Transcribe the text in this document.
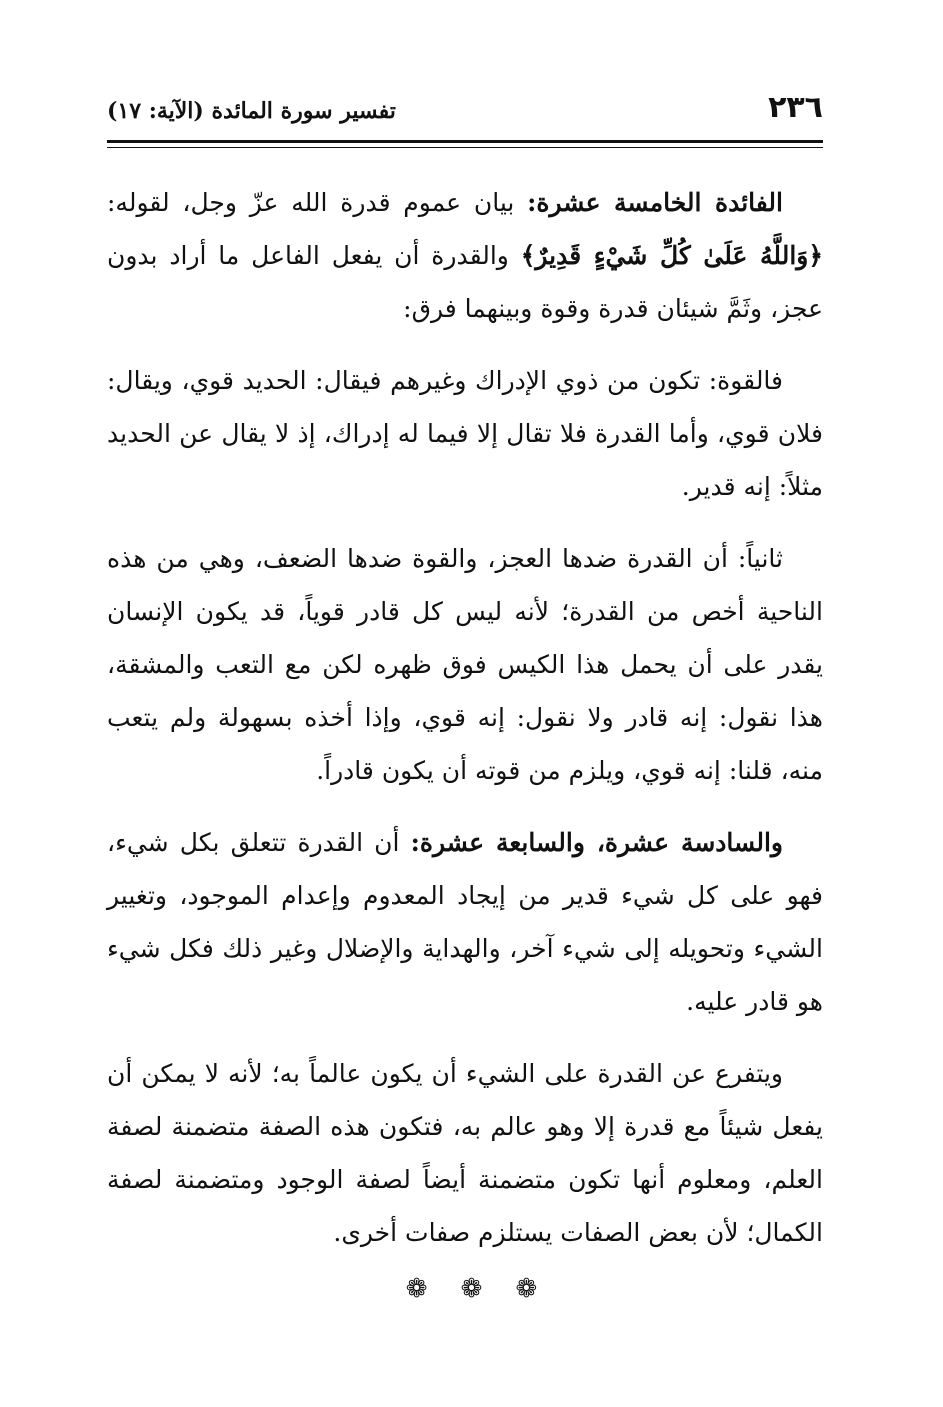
٢٣٦
تفسير سورة المائدة (الآية: ١٧)

الفائدة الخامسة عشرة: بيان عموم قدرة الله عزّ وجل، لقوله: ﴿وَاللَّهُ عَلَىٰ كُلِّ شَيْءٍ قَدِيرٌ﴾ والقدرة أن يفعل الفاعل ما أراد بدون عجز، وثَمَّ شيئان قدرة وقوة وبينهما فرق:

فالقوة: تكون من ذوي الإدراك وغيرهم فيقال: الحديد قوي، ويقال: فلان قوي، وأما القدرة فلا تقال إلا فيما له إدراك، إذ لا يقال عن الحديد مثلاً: إنه قدير.

ثانياً: أن القدرة ضدها العجز، والقوة ضدها الضعف، وهي من هذه الناحية أخص من القدرة؛ لأنه ليس كل قادر قوياً، قد يكون الإنسان يقدر على أن يحمل هذا الكيس فوق ظهره لكن مع التعب والمشقة، هذا نقول: إنه قادر ولا نقول: إنه قوي، وإذا أخذه بسهولة ولم يتعب منه، قلنا: إنه قوي، ويلزم من قوته أن يكون قادراً.

والسادسة عشرة، والسابعة عشرة: أن القدرة تتعلق بكل شيء، فهو على كل شيء قدير من إيجاد المعدوم وإعدام الموجود، وتغيير الشيء وتحويله إلى شيء آخر، والهداية والإضلال وغير ذلك فكل شيء هو قادر عليه.

ويتفرع عن القدرة على الشيء أن يكون عالماً به؛ لأنه لا يمكن أن يفعل شيئاً مع قدرة إلا وهو عالم به، فتكون هذه الصفة متضمنة لصفة العلم، ومعلوم أنها تكون متضمنة أيضاً لصفة الوجود ومتضمنة لصفة الكمال؛ لأن بعض الصفات يستلزم صفات أخرى.

❁ ❁ ❁
